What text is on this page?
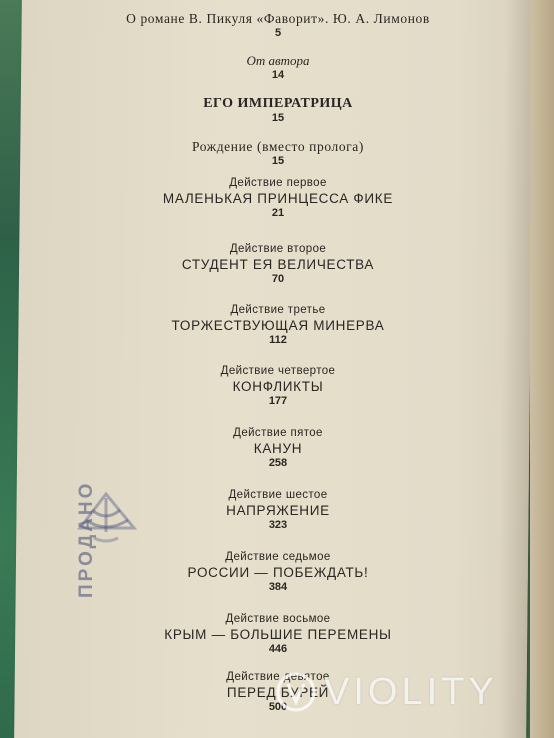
О романе В. Пикуля «Фаворит». Ю. А. Лимонов
5
От автора
14
ЕГО ИМПЕРАТРИЦА
15
Рождение (вместо пролога)
15
Действие первое
МАЛЕНЬКАЯ ПРИНЦЕССА ФИКЕ
21
Действие второе
СТУДЕНТ ЕЯ ВЕЛИЧЕСТВА
70
Действие третье
ТОРЖЕСТВУЮЩАЯ МИНЕРВА
112
Действие четвертое
КОНФЛИКТЫ
177
Действие пятое
КАНУН
258
Действие шестое
НАПРЯЖЕНИЕ
323
Действие седьмое
РОССИИ — ПОБЕЖДАТЬ!
384
Действие восьмое
КРЫМ — БОЛЬШИЕ ПЕРЕМЕНЫ
446
Действие девятое
ПЕРЕД БУРЕЙ
500
ПРОДАНО
VIOLITY
